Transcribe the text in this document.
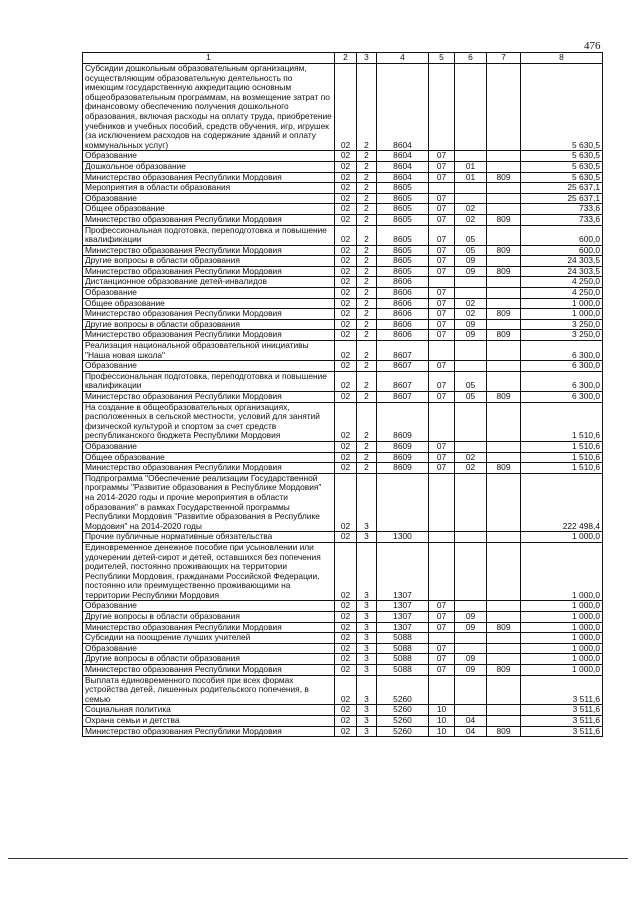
476
1	2	3	4	5	6	7	8
Субсидии дошкольным образовательным организациям, осуществляющим образовательную деятельность по имеющим государственную аккредитацию основным общеобразовательным программам, на возмещение затрат по финансовому обеспечению получения дошкольного образования, включая расходы на оплату труда, приобретение учебников и учебных пособий, средств обучения, игр, игрушек (за исключением расходов на содержание зданий и оплату коммунальных услуг)	02	2	8604				5 630,5
Образование	02	2	8604	07			5 630,5
Дошкольное образование	02	2	8604	07	01		5 630,5
Министерство образования Республики Мордовия	02	2	8604	07	01	809	5 630,5
Мероприятия в области образования	02	2	8605				25 637,1
Образование	02	2	8605	07			25 637,1
Общее образование	02	2	8605	07	02		733,6
Министерство образования Республики Мордовия	02	2	8605	07	02	809	733,6
Профессиональная подготовка, переподготовка и повышение квалификации	02	2	8605	07	05		600,0
Министерство образования Республики Мордовия	02	2	8605	07	05	809	600,0
Другие вопросы в области образования	02	2	8605	07	09		24 303,5
Министерство образования Республики Мордовия	02	2	8605	07	09	809	24 303,5
Дистанционное образование детей-инвалидов	02	2	8606				4 250,0
Образование	02	2	8606	07			4 250,0
Общее образование	02	2	8606	07	02		1 000,0
Министерство образования Республики Мордовия	02	2	8606	07	02	809	1 000,0
Другие вопросы в области образования	02	2	8606	07	09		3 250,0
Министерство образования Республики Мордовия	02	2	8606	07	09	809	3 250,0
Реализация национальной образовательной инициативы "Наша новая школа"	02	2	8607				6 300,0
Образование	02	2	8607	07			6 300,0
Профессиональная подготовка, переподготовка и повышение квалификации	02	2	8607	07	05		6 300,0
Министерство образования Республики Мордовия	02	2	8607	07	05	809	6 300,0
На создание в общеобразовательных организациях, расположенных в сельской местности, условий для занятий физической культурой и спортом за счет средств республиканского бюджета Республики Мордовия	02	2	8609				1 510,6
Образование	02	2	8609	07			1 510,6
Общее образование	02	2	8609	07	02		1 510,6
Министерство образования Республики Мордовия	02	2	8609	07	02	809	1 510,6
Подпрограмма "Обеспечение реализации Государственной программы "Развитие образования в Республике Мордовия" на 2014-2020 годы и прочие мероприятия в области образования" в рамках Государственной программы Республики Мордовия "Развитие образования в Республике Мордовия" на 2014-2020 годы	02	3					222 498,4
Прочие публичные нормативные обязательства	02	3	1300				1 000,0
Единовременное денежное пособие при усыновлении или удочерении детей-сирот и детей, оставшихся без попечения родителей, постоянно проживающих на территории Республики Мордовия, гражданами Российской Федерации, постоянно или преимущественно проживающими на территории Республики Мордовия	02	3	1307				1 000,0
Образование	02	3	1307	07			1 000,0
Другие вопросы в области образования	02	3	1307	07	09		1 000,0
Министерство образования Республики Мордовия	02	3	1307	07	09	809	1 000,0
Субсидии на поощрение лучших учителей	02	3	5088				1 000,0
Образование	02	3	5088	07			1 000,0
Другие вопросы в области образования	02	3	5088	07	09		1 000,0
Министерство образования Республики Мордовия	02	3	5088	07	09	809	1 000,0
Выплата единовременного пособия при всех формах устройства детей, лишенных родительского попечения, в семью	02	3	5260				3 511,6
Социальная политика	02	3	5260	10			3 511,6
Охрана семьи и детства	02	3	5260	10	04		3 511,6
Министерство образования Республики Мордовия	02	3	5260	10	04	809	3 511,6
